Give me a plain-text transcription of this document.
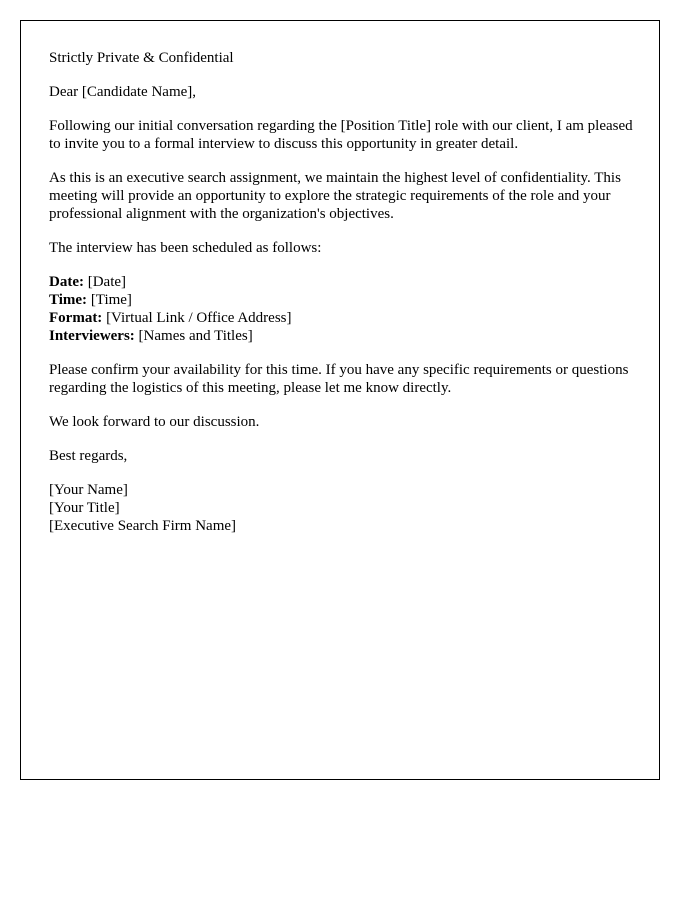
Strictly Private & Confidential

Dear [Candidate Name],

Following our initial conversation regarding the [Position Title] role with our client, I am pleased to invite you to a formal interview to discuss this opportunity in greater detail.

As this is an executive search assignment, we maintain the highest level of confidentiality. This meeting will provide an opportunity to explore the strategic requirements of the role and your professional alignment with the organization's objectives.

The interview has been scheduled as follows:

Date: [Date]
Time: [Time]
Format: [Virtual Link / Office Address]
Interviewers: [Names and Titles]

Please confirm your availability for this time. If you have any specific requirements or questions regarding the logistics of this meeting, please let me know directly.

We look forward to our discussion.

Best regards,

[Your Name]
[Your Title]
[Executive Search Firm Name]
